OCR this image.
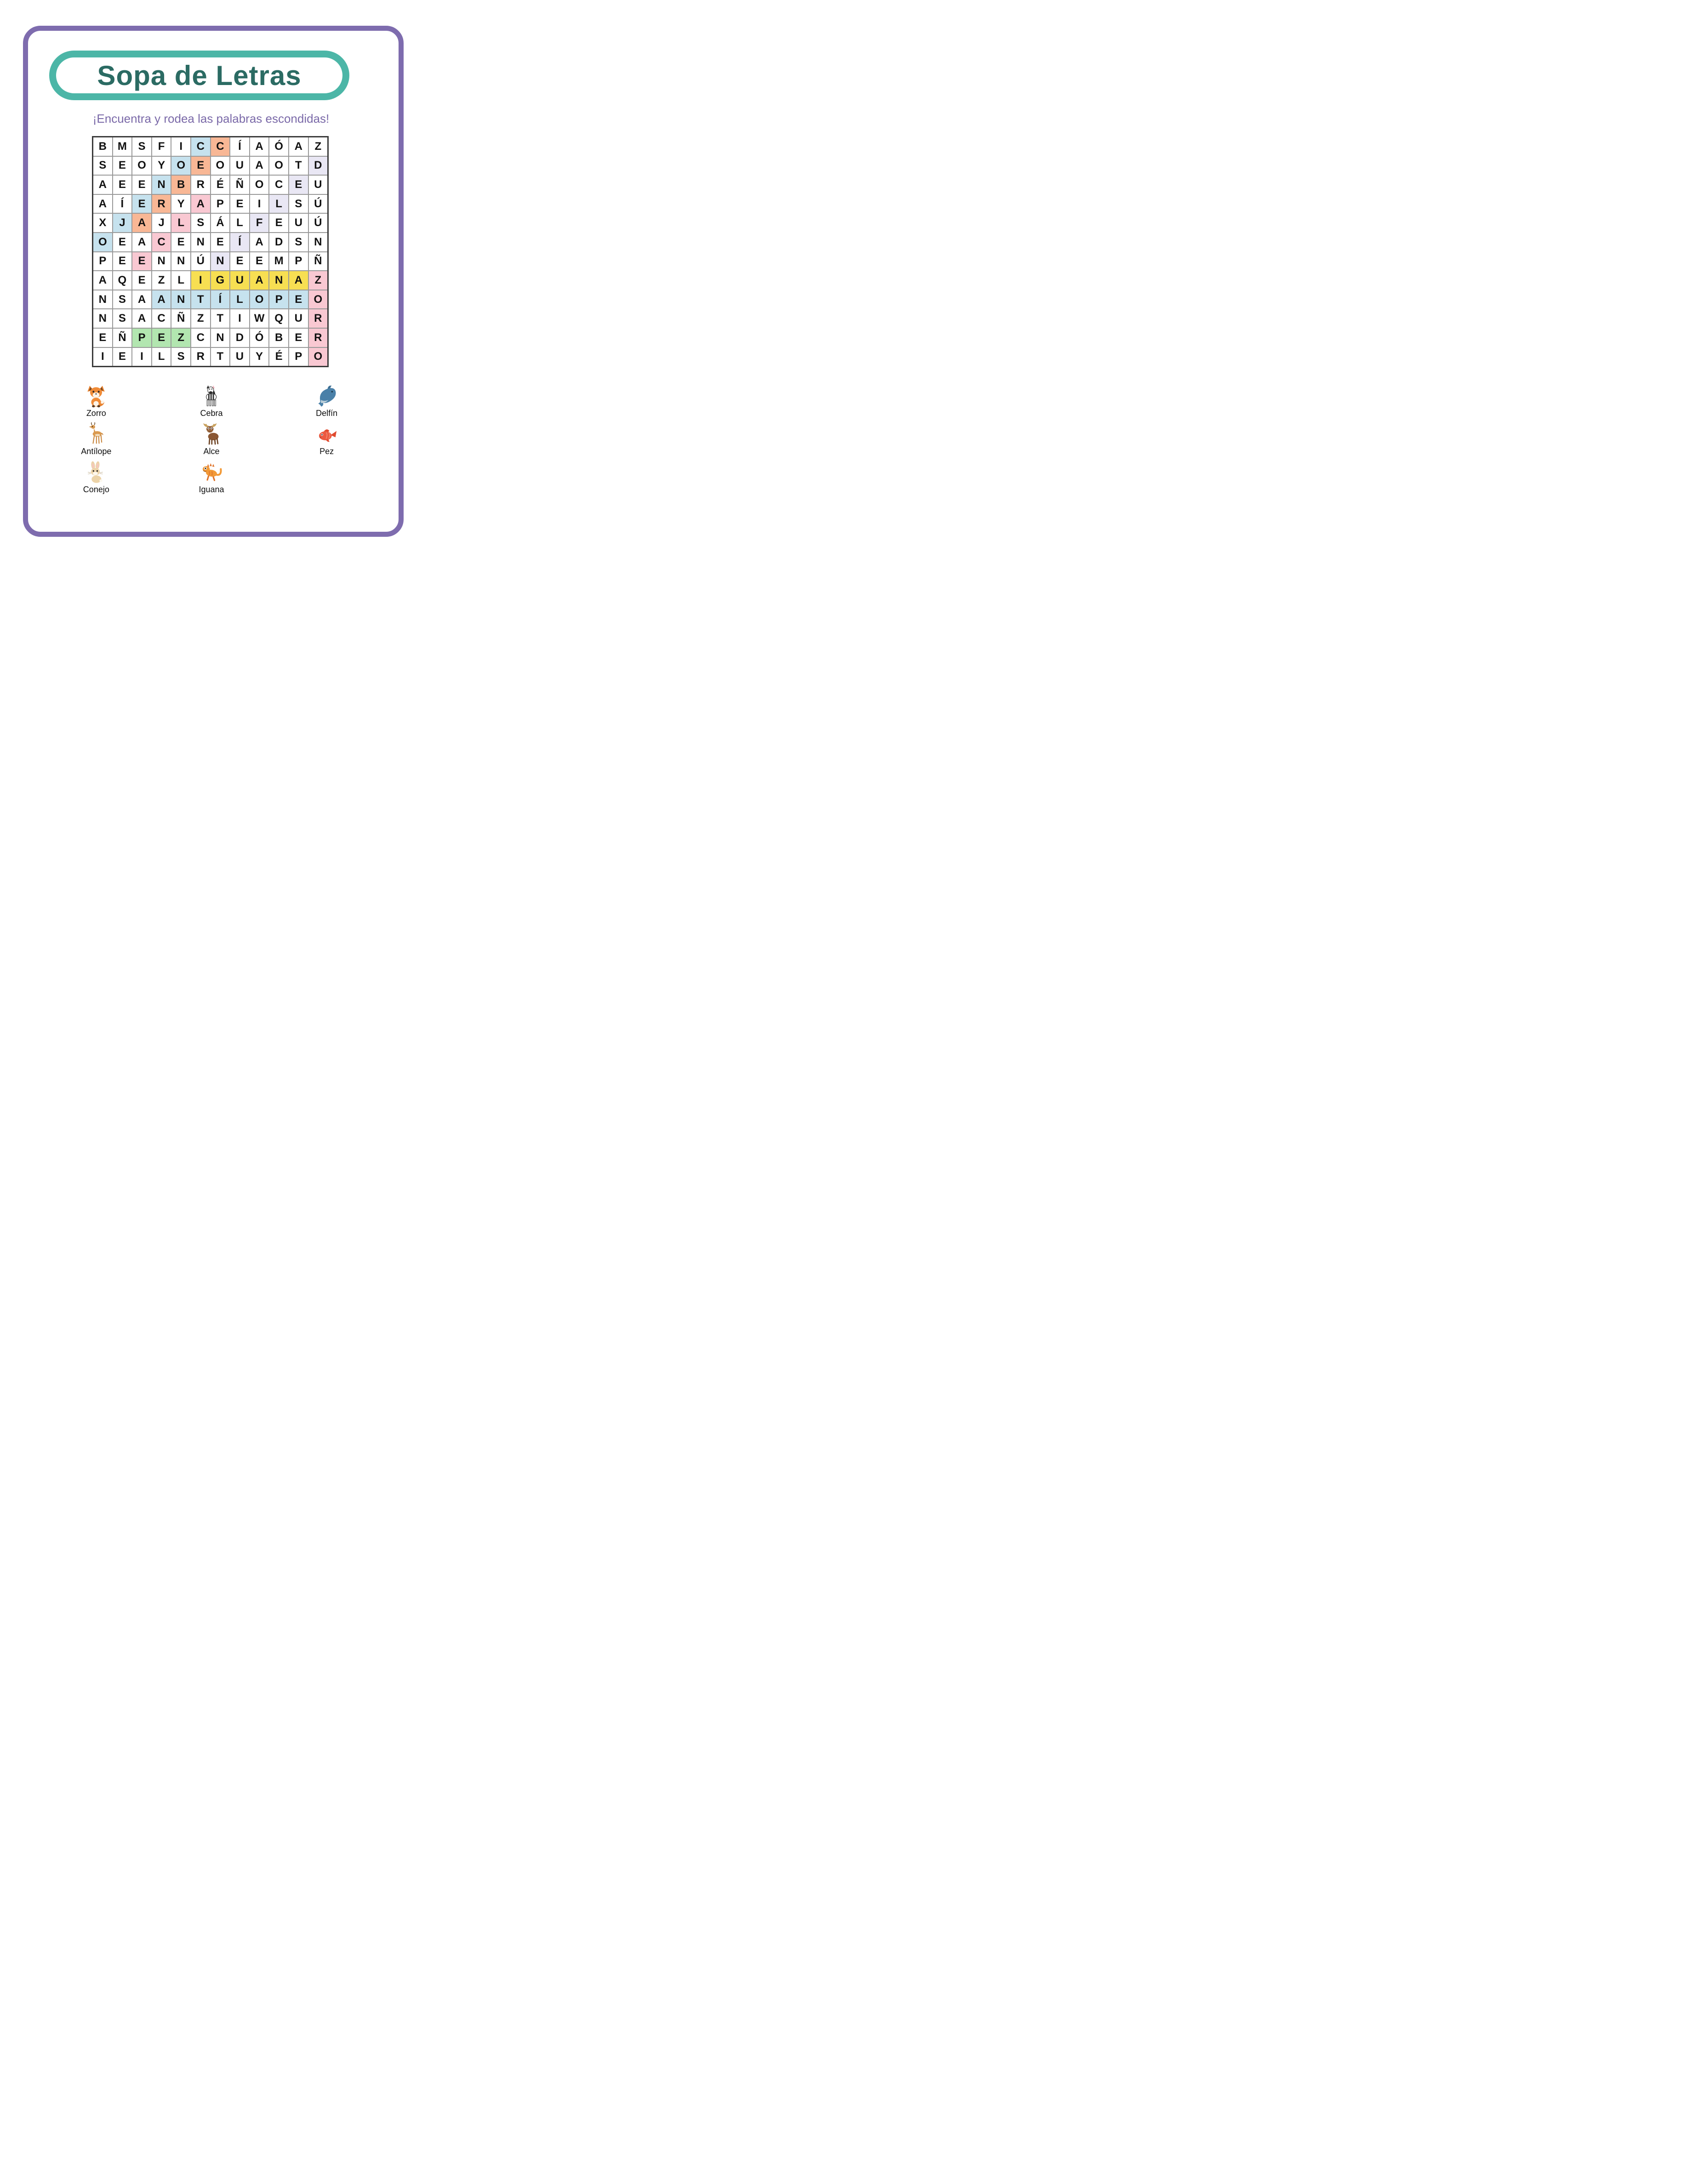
Sopa de Letras

¡Encuentra y rodea las palabras escondidas!

B M	S	F	I	C	C	Í	A	Ó	A	Z
S	E	O	Y	O	E	O	U	A	O	T	D
A	E	E	N	B	R	É	Ñ	O	C	E	U
A	Í	E	R	Y	A	P	E	I	L	S	Ú
X	J	A	J	L	S	Á	L	F	E	U	Ú
O	E	A	C	E	N	E	Í	A	D	S	N
P	E	E	N	N	Ú	N	E	E	M	P	Ñ
A	Q	E	Z	L	I	G	U	A	N	A	Z
N	S	A	A	N	T	Í	L	O	P	E	O
N	S	A	C	Ñ	Z	T	I	W Q	U	R
E	Ñ	P	E	Z	C	N	D	Ó	B	E	R
I	E	I	L	S	R	T	U	Y	É	P	O
Zorro	Cebra	Delfín
Antílope	Alce	Pez
Conejo	Iguana
